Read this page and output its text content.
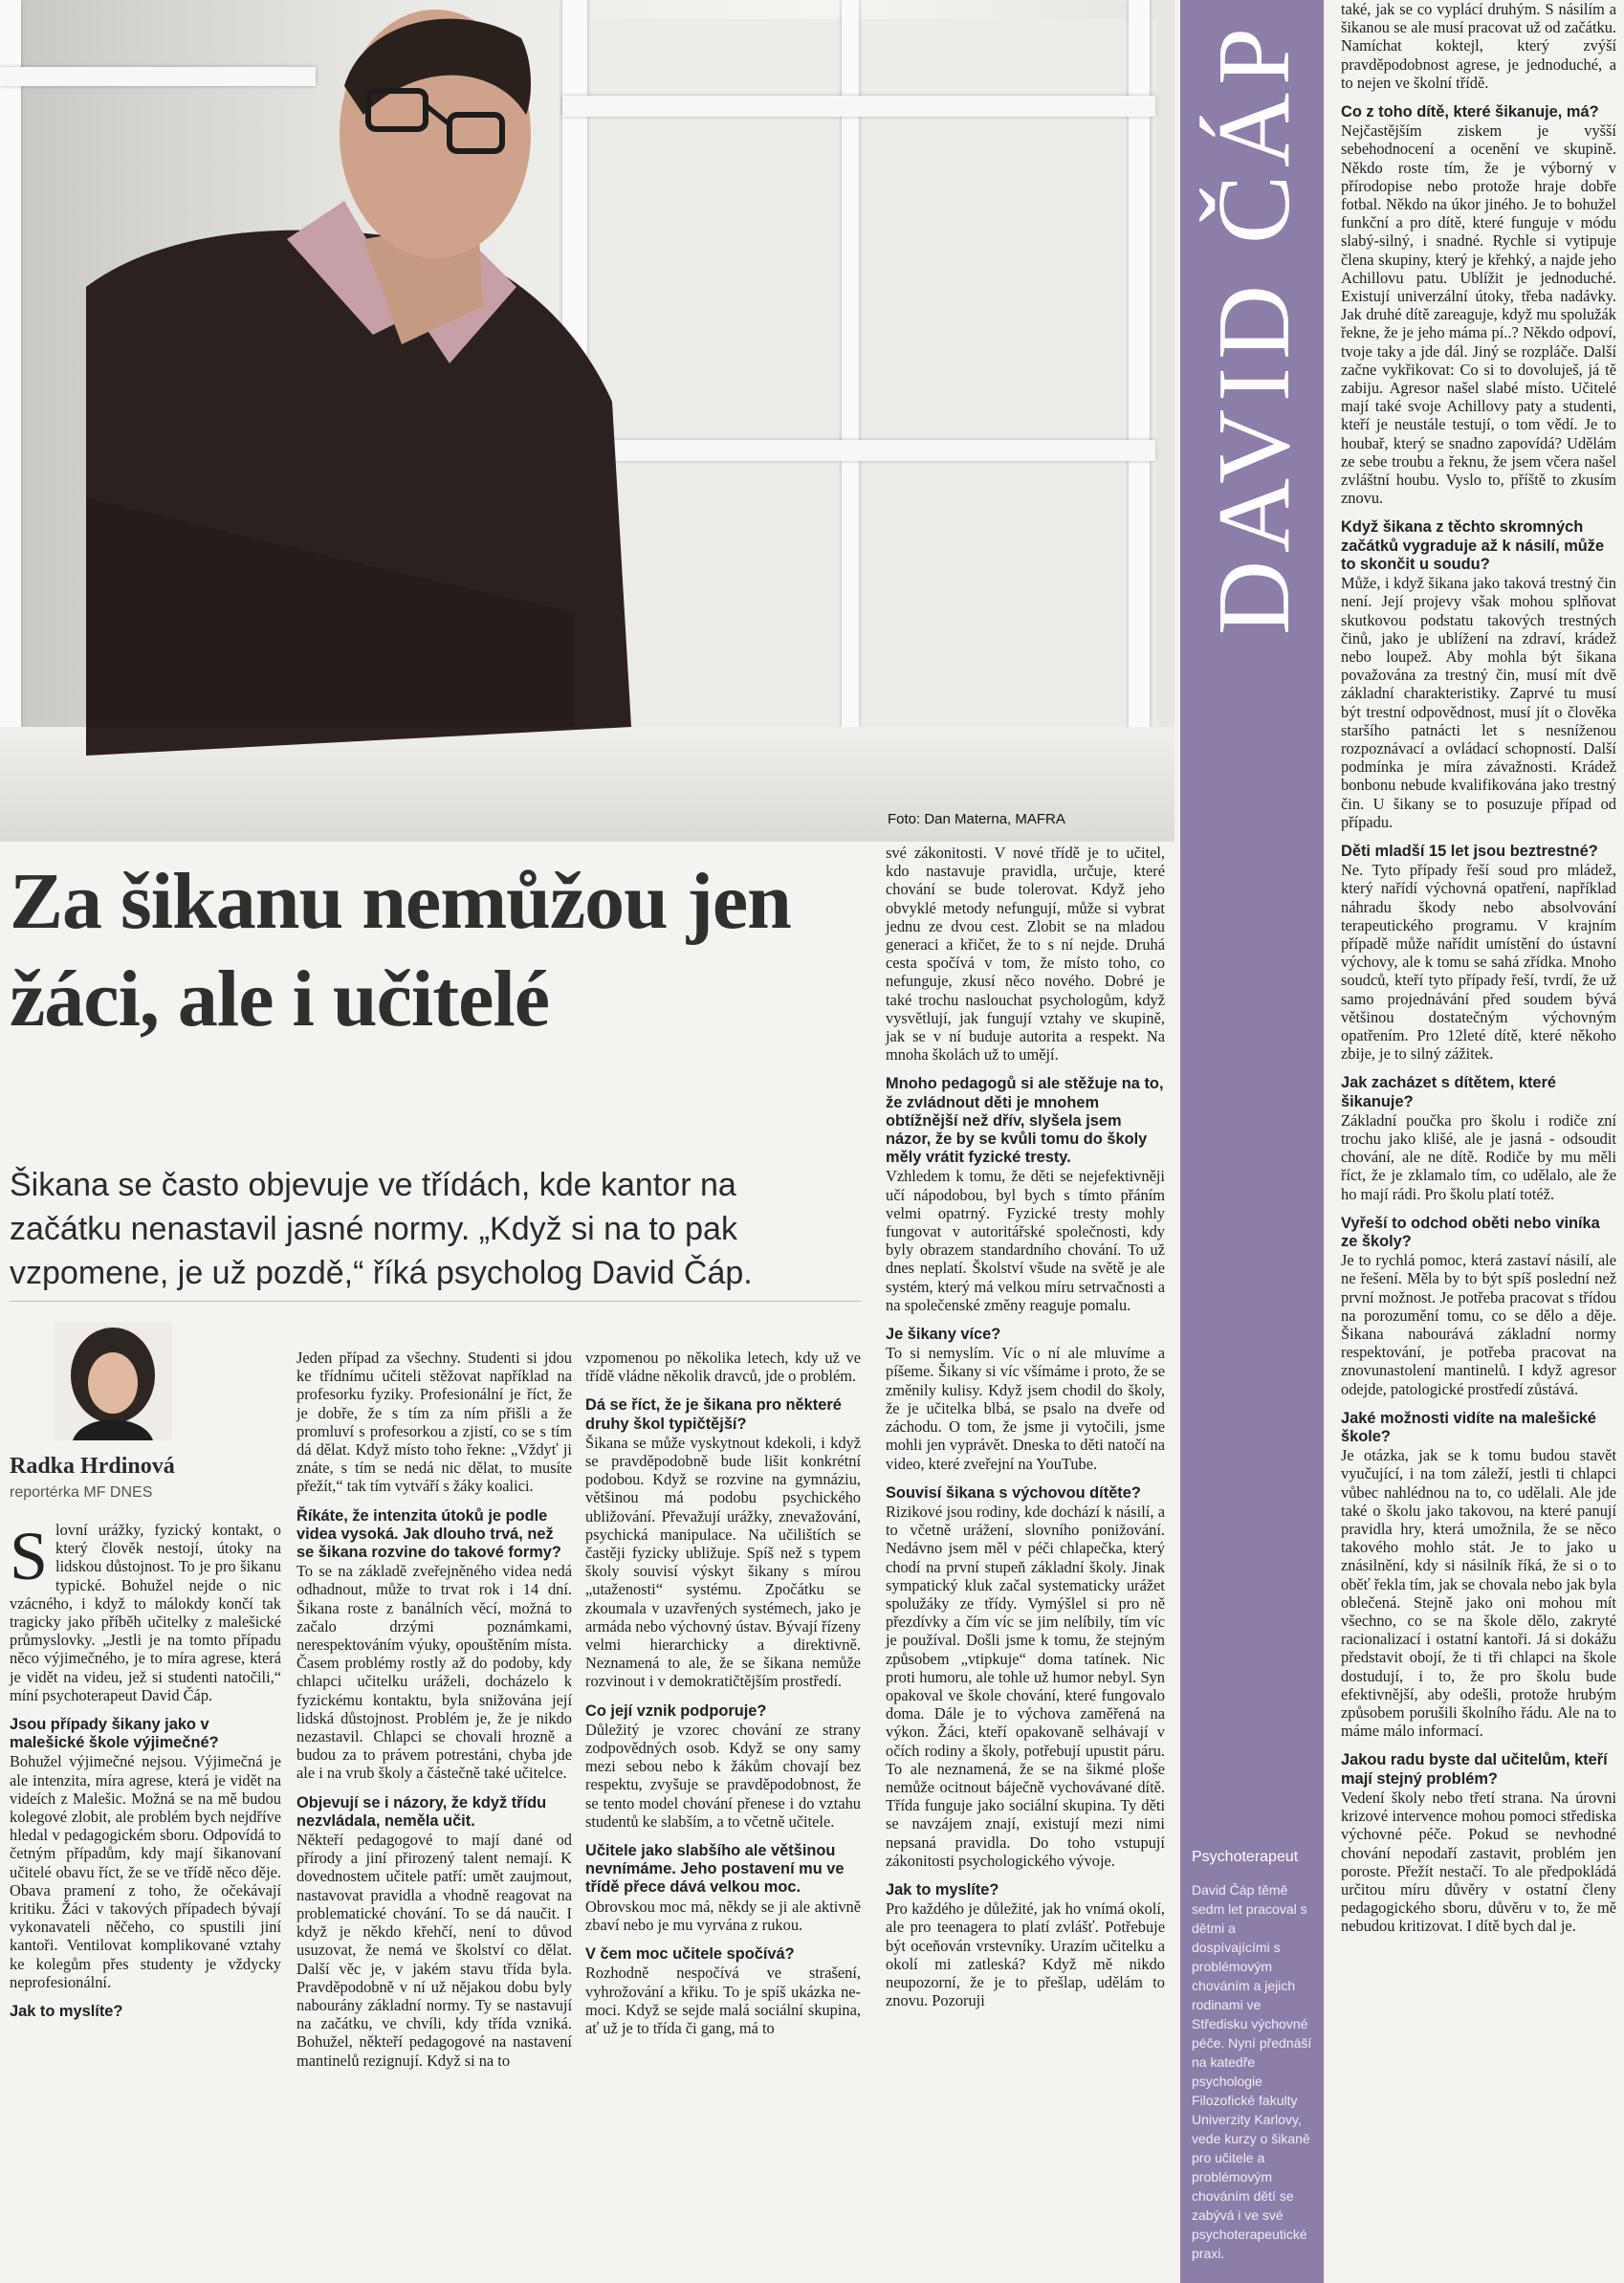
Foto: Dan Materna, MAFRA
DAVID ČÁP
Psychoterapeut
David Čáp těmě sedm let pracoval s dětmi a dospívajícími s problémovým chováním a jejich rodinami ve Středisku výchovné péče. Nyní přednáší na katedře psychologie Filozofické fakulty Univerzity Karlovy, vede kurzy o šikaně pro učitele a problémovým chováním dětí se zabývá i ve své psychoterapeutické praxi.
Za šikanu nemůžou jen žáci, ale i učitelé
Šikana se často objevuje ve třídách, kde kantor na začátku nenastavil jasné normy. „Když si na to pak vzpomene, je už pozdě,“ říká psycholog David Čáp.
Radka Hrdinová
reportérka MF DNES

Slovní urážky, fyzický kontakt, o který člověk nestojí, útoky na lidskou důstojnost. To je pro šikanu typické. Bohužel nejde o nic vzácného, i když to málokdy končí tak tragicky jako příběh učitelky z malešické průmyslovky. „Jestli je na tomto případu něco výjimečného, je to míra agrese, která je vidět na videu, jež si studenti natočili,“ míní psychoterapeut David Čáp.

Jsou případy šikany jako v malešické škole výjimečné?

Bohužel výjimečné nejsou. Výjimečná je ale intenzita, míra agrese, která je vidět na videích z Malešic. Možná se na mě budou kolegové zlobit, ale problém bych nejdříve hledal v pedagogickém sboru. Odpovídá to četným případům, kdy mají šikanovaní učitelé obavu říct, že se ve třídě něco děje. Obava pramení z toho, že očekávají kritiku. Žáci v takových případech bývají vykonavateli něčeho, co spustili jiní kantoři. Ventilovat komplikované vztahy ke kolegům přes studenty je vždycky neprofesionální.

Jak to myslíte?

Jeden případ za všechny. Studenti si jdou ke třídnímu učiteli stěžovat například na profesorku fyziky. Profesionální je říct, že je dobře, že s tím za ním přišli a že promluví s profesorkou a zjistí, co se s tím dá dělat. Když místo toho řekne: „Vždyť ji znáte, s tím se nedá nic dělat, to musíte přežít,“ tak tím vytváří s žáky koalici.

Říkáte, že intenzita útoků je podle videa vysoká. Jak dlouho trvá, než se šikana rozvine do takové formy?

To se na základě zveřejněného videa nedá odhadnout, může to trvat rok i 14 dní. Šikana roste z banálních věcí, možná to začalo drzými poznámkami, nerespektováním výuky, opouštěním místa. Časem problémy rostly až do podoby, kdy chlapci učitelku uráželi, docházelo k fyzickému kontaktu, byla snižována její lidská důstojnost. Problém je, že je nikdo nezastavil. Chlapci se chovali hrozně a budou za to právem potrestáni, chyba jde ale i na vrub školy a částečně také učitelce.

Objevují se i názory, že když třídu nezvládala, neměla učit.

Někteří pedagogové to mají dané od přírody a jiní přirozený talent nemají. K dovednostem učitele patří: umět zaujmout, nastavovat pravidla a vhodně reagovat na problematické chování. To se dá naučit. I když je někdo křehčí, není to důvod usuzovat, že nemá ve školství co dělat. Další věc je, v jakém stavu třída byla. Pravděpodobně v ní už nějakou dobu byly nabourány základní normy. Ty se nastavují na začátku, ve chvíli, kdy třída vzniká. Bohužel, někteří pedagogové na nastavení mantinelů rezignují. Když si na to

vzpomenou po několika letech, kdy už ve třídě vládne několik dravců, jde o problém.

Dá se říct, že je šikana pro některé druhy škol typičtější?

Šikana se může vyskytnout kdekoli, i když se pravděpodobně bude lišit konkrétní podobou. Když se rozvine na gymnáziu, většinou má podobu psychického ubližování. Převažují urážky, znevažování, psychická manipulace. Na učilištích se častěji fyzicky ubližuje. Spíš než s typem školy souvisí výskyt šikany s mírou „utaženosti“ systému. Zpočátku se zkoumala v uzavřených systémech, jako je armáda nebo výchovný ústav. Bývají řízeny velmi hierarchicky a direktivně. Neznamená to ale, že se šikana nemůže rozvinout i v demokratičtějším prostředí.

Co její vznik podporuje?

Důležitý je vzorec chování ze strany zodpovědných osob. Když se ony samy mezi sebou nebo k žákům chovají bez respektu, zvyšuje se pravděpodobnost, že se tento model chování přenese i do vztahu studentů ke slabším, a to včetně učitele.

Učitele jako slabšího ale většinou nevnímáme. Jeho postavení mu ve třídě přece dává velkou moc.

Obrovskou moc má, někdy se ji ale aktivně zbaví nebo je mu vyrvána z rukou.

V čem moc učitele spočívá?

Rozhodně nespočívá ve strašení, vyhrožování a křiku. To je spíš ukázka ne-moci. Když se sejde malá sociální skupina, ať už je to třída či gang, má to

své zákonitosti. V nové třídě je to učitel, kdo nastavuje pravidla, určuje, které chování se bude tolerovat. Když jeho obvyklé metody nefungují, může si vybrat jednu ze dvou cest. Zlobit se na mladou generaci a křičet, že to s ní nejde. Druhá cesta spočívá v tom, že místo toho, co nefunguje, zkusí něco nového. Dobré je také trochu naslouchat psychologům, když vysvětlují, jak fungují vztahy ve skupině, jak se v ní buduje autorita a respekt. Na mnoha školách už to umějí.

Mnoho pedagogů si ale stěžuje na to, že zvládnout děti je mnohem obtížnější než dřív, slyšela jsem názor, že by se kvůli tomu do školy měly vrátit fyzické tresty.

Vzhledem k tomu, že děti se nejefektivněji učí nápodobou, byl bych s tímto přáním velmi opatrný. Fyzické tresty mohly fungovat v autoritářské společnosti, kdy byly obrazem standardního chování. To už dnes neplatí. Školství všude na světě je ale systém, který má velkou míru setrvačnosti a na společenské změny reaguje pomalu.

Je šikany více?

To si nemyslím. Víc o ní ale mluvíme a píšeme. Šikany si víc všímáme i proto, že se změnily kulisy. Když jsem chodil do školy, že je učitelka blbá, se psalo na dveře od záchodu. O tom, že jsme ji vytočili, jsme mohli jen vyprávět. Dneska to děti natočí na video, které zveřejní na YouTube.

Souvisí šikana s výchovou dítěte?

Rizikové jsou rodiny, kde dochází k násilí, a to včetně urážení, slovního ponižování. Nedávno jsem měl v péči chlapečka, který chodí na první stupeň základní školy. Jinak sympatický kluk začal systematicky urážet spolužáky ze třídy. Vymýšlel si pro ně přezdívky a čím víc se jim nelíbily, tím víc je používal. Došli jsme k tomu, že stejným způsobem „vtipkuje“ doma tatínek. Nic proti humoru, ale tohle už humor nebyl. Syn opakoval ve škole chování, které fungovalo doma. Dále je to výchova zaměřená na výkon. Žáci, kteří opakovaně selhávají v očích rodiny a školy, potřebují upustit páru. To ale neznamená, že se na šikmé ploše nemůže ocitnout báječně vychovávané dítě. Třída funguje jako sociální skupina. Ty děti se navzájem znají, existují mezi nimi nepsaná pravidla. Do toho vstupují zákonitosti psychologického vývoje.

Jak to myslíte?

Pro každého je důležité, jak ho vnímá okolí, ale pro teenagera to platí zvlášť. Potřebuje být oceňován vrstevníky. Urazím učitelku a okolí mi zatleská? Když mě nikdo neupozorní, že je to přešlap, udělám to znovu. Pozoruji

také, jak se co vyplácí druhým. S násilím a šikanou se ale musí pracovat už od začátku. Namíchat koktejl, který zvýší pravděpodobnost agrese, je jednoduché, a to nejen ve školní třídě.

Co z toho dítě, které šikanuje, má?

Nejčastějším ziskem je vyšší sebehodnocení a ocenění ve skupině. Někdo roste tím, že je výborný v přírodopise nebo protože hraje dobře fotbal. Někdo na úkor jiného. Je to bohužel funkční a pro dítě, které funguje v módu slabý-silný, i snadné. Rychle si vytipuje člena skupiny, který je křehký, a najde jeho Achillovu patu. Ublížit je jednoduché. Existují univerzální útoky, třeba nadávky. Jak druhé dítě zareaguje, když mu spolužák řekne, že je jeho máma pí..? Někdo odpoví, tvoje taky a jde dál. Jiný se rozpláče. Další začne vykřikovat: Co si to dovoluješ, já tě zabiju. Agresor našel slabé místo. Učitelé mají také svoje Achillovy paty a studenti, kteří je neustále testují, o tom vědí. Je to houbař, který se snadno zapovídá? Udělám ze sebe troubu a řeknu, že jsem včera našel zvláštní houbu. Vyslo to, příště to zkusím znovu.

Když šikana z těchto skromných začátků vygraduje až k násilí, může to skončit u soudu?

Může, i když šikana jako taková trestný čin není. Její projevy však mohou splňovat skutkovou podstatu takových trestných činů, jako je ublížení na zdraví, krádež nebo loupež. Aby mohla být šikana považována za trestný čin, musí mít dvě základní charakteristiky. Zaprvé tu musí být trestní odpovědnost, musí jít o člověka staršího patnácti let s nesníženou rozpoznávací a ovládací schopností. Další podmínka je míra závažnosti. Krádež bonbonu nebude kvalifikována jako trestný čin. U šikany se to posuzuje případ od případu.

Děti mladší 15 let jsou beztrestné?

Ne. Tyto případy řeší soud pro mládež, který nařídí výchovná opatření, například náhradu škody nebo absolvování terapeutického programu. V krajním případě může nařídit umístění do ústavní výchovy, ale k tomu se sahá zřídka. Mnoho soudců, kteří tyto případy řeší, tvrdí, že už samo projednávání před soudem bývá většinou dostatečným výchovným opatřením. Pro 12leté dítě, které někoho zbije, je to silný zážitek.

Jak zacházet s dítětem, které šikanuje?

Základní poučka pro školu i rodiče zní trochu jako klišé, ale je jasná - odsoudit chování, ale ne dítě. Rodiče by mu měli říct, že je zklamalo tím, co udělalo, ale že ho mají rádi. Pro školu platí totéž.

Vyřeší to odchod oběti nebo viníka ze školy?

Je to rychlá pomoc, která zastaví násilí, ale ne řešení. Měla by to být spíš poslední než první možnost. Je potřeba pracovat s třídou na porozumění tomu, co se dělo a děje. Šikana nabourává základní normy respektování, je potřeba pracovat na znovunastolení mantinelů. I když agresor odejde, patologické prostředí zůstává.

Jaké možnosti vidíte na malešické škole?

Je otázka, jak se k tomu budou stavět vyučující, i na tom záleží, jestli ti chlapci vůbec nahlédnou na to, co udělali. Ale jde také o školu jako takovou, na které panují pravidla hry, která umožnila, že se něco takového mohlo stát. Je to jako u znásilnění, kdy si násilník říká, že si o to oběť řekla tím, jak se chovala nebo jak byla oblečená. Stejně jako oni mohou mít všechno, co se na škole dělo, zakryté racionalizací i ostatní kantoři. Já si dokážu představit obojí, že ti tři chlapci na škole dostudují, i to, že pro školu bude efektivnější, aby odešli, protože hrubým způsobem porušili školního řádu. Ale na to máme málo informací.

Jakou radu byste dal učitelům, kteří mají stejný problém?

Vedení školy nebo třetí strana. Na úrovni krizové intervence mohou pomoci střediska výchovné péče. Pokud se nevhodné chování nepodaří zastavit, problém jen poroste. Přežít nestačí. To ale předpokládá určitou míru důvěry v ostatní členy pedagogického sboru, důvěru v to, že mě nebudou kritizovat. I dítě bych dal je.
